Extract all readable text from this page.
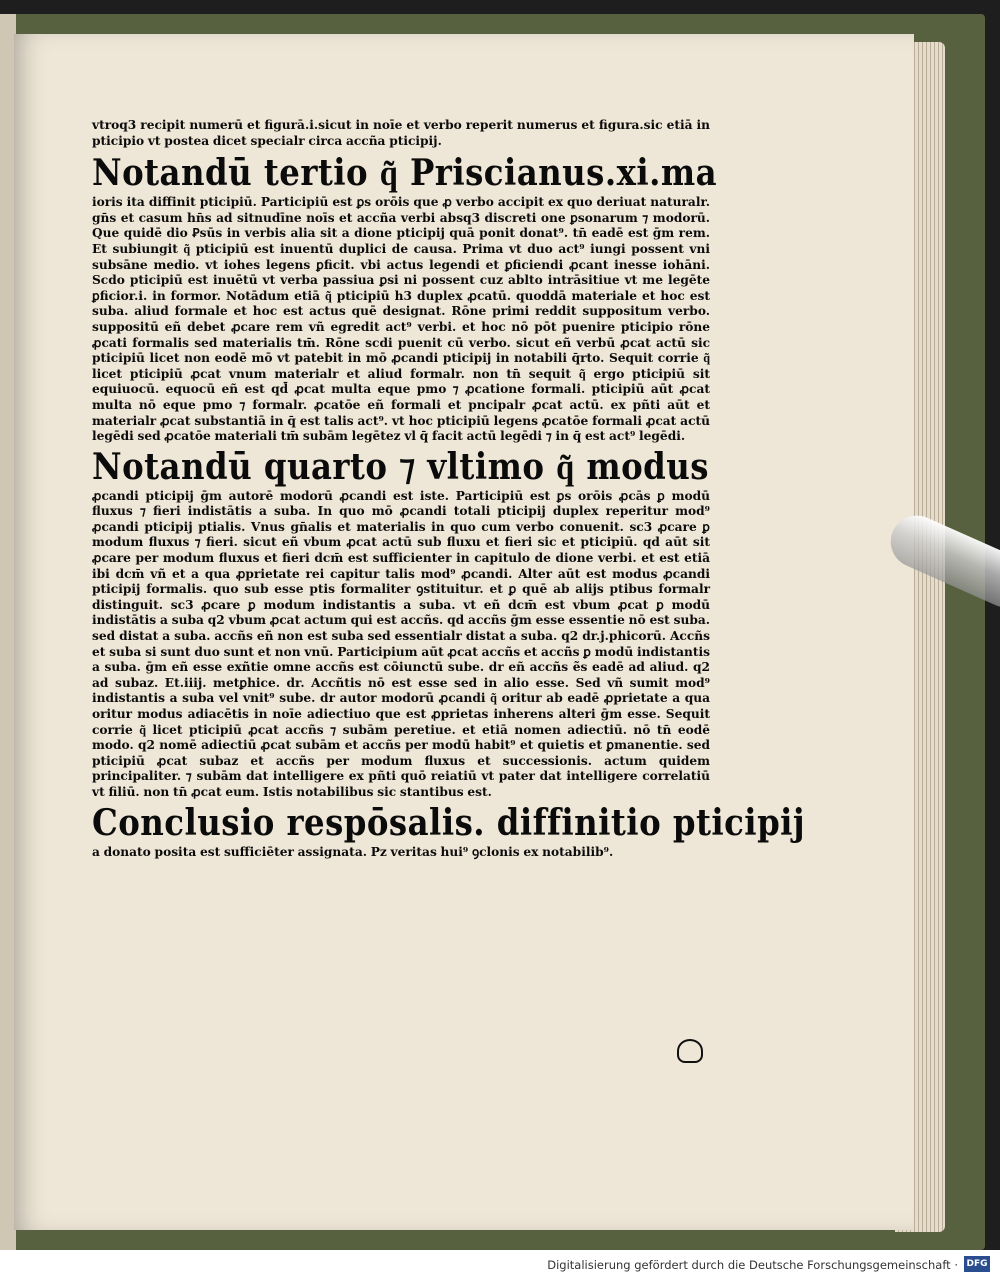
vtroq3 recipit numerū et figurā.i.sicut in noīe et verbo reperit numerus et figura.sic etiā in pticipio vt postea dicet specialr circa accña pticipij.

Notandū tertio q͂ Priscianus.xi.ma

ioris ita diffinit pticipiū. Participiū est ꝑs orōis que ꝓ verbo accipit ex quo deriuat naturalr. gn̄s et casum hn̄s ad sitnudīne noīs et accña verbi absq3 discreti one ꝑsonarum ⁊ modorū. Que quidē dio Ꝑsūs in verbis alia sit a dione pticipij quā ponit donat⁹. tn̄ eadē est ḡm rem. Et subiungit q͂ pticipiū est inuentū duplici de causa. Prima vt duo act⁹ iungi possent vni subsāne medio. vt iohes legens ꝑficit. vbi actus legendi et ꝑficiendi ꝓcant inesse iohāni. Scdo pticipiū est inuētū vt verba passiua ꝑsi ni possent cuz ablto intrāsitiue vt me legēte ꝑficior.i. in formor. Notādum etiā q͂ pticipiū h3 duplex ꝓcatū. quoddā materiale et hoc est suba. aliud formale et hoc est actus quē designat. Rōne primi reddit suppositum verbo. suppositū eñ debet ꝓcare rem vñ egredit act⁹ verbi. et hoc nō pōt puenire pticipio rōne ꝓcati formalis sed materialis tm̄. Rōne scdi puenit cū verbo. sicut eñ verbū ꝓcat actū sic pticipiū licet non eodē mō vt patebit in mō ꝓcandi pticipij in notabili q̄rto. Sequit corrie q͂ licet pticipiū ꝓcat vnum materialr et aliud formalr. non tn̄ sequit q͂ ergo pticipiū sit equiuocū. equocū eñ est qd̄ ꝓcat multa eque pmo ⁊ ꝓcatione formali. pticipiū aūt ꝓcat multa nō eque pmo ⁊ formalr. ꝓcatōe eñ formali et pncipalr ꝓcat actū. ex pñti aūt et materialr ꝓcat substantiā in q̄ est talis act⁹. vt hoc pticipiū legens ꝓcatōe formali ꝓcat actū legēdi sed ꝓcatōe materiali tm̄ subām legētez vl q̄ facit actū legēdi ⁊ in q̄ est act⁹ legēdi.

Notandū quarto ⁊ vltimo q͂ modus

ꝓcandi pticipij ḡm autorē modorū ꝓcandi est iste. Participiū est ꝑs orōis ꝓcās ꝑ modū fluxus ⁊ fieri indistātis a suba. In quo mō ꝓcandi totali pticipij duplex reperitur mod⁹ ꝓcandi pticipij ptialis. Vnus gn̄alis et materialis in quo cum verbo conuenit. sc3 ꝓcare ꝑ modum fluxus ⁊ fieri. sicut eñ vbum ꝓcat actū sub fluxu et fieri sic et pticipiū. qd aūt sit ꝓcare per modum fluxus et fieri dcm̄ est sufficienter in capitulo de dione verbi. et est etiā ibi dcm̄ vñ et a qua ꝓprietate rei capitur talis mod⁹ ꝓcandi. Alter aūt est modus ꝓcandi pticipij formalis. quo sub esse ptis formaliter ꝯstituitur. et ꝑ quē ab alijs ptibus formalr distinguit. sc3 ꝓcare ꝑ modum indistantis a suba. vt eñ dcm̄ est vbum ꝓcat ꝑ modū indistātis a suba q2 vbum ꝓcat actum qui est accñs. qd accñs ḡm esse essentie nō est suba. sed distat a suba. accñs eñ non est suba sed essentialr distat a suba. q2 dr.j.phicorū. Accñs et suba si sunt duo sunt et non vnū. Participium aūt ꝓcat accñs et accñs ꝑ modū indistantis a suba. ḡm eñ esse exñtie omne accñs est cōiunctū sube. dr eñ accñs ẽs eadē ad aliud. q2 ad subaz. Et.iiij. metꝑhice. dr. Accñtis nō est esse sed in alio esse. Sed vñ sumit mod⁹ indistantis a suba vel vnit⁹ sube. dr autor modorū ꝓcandi q͂ oritur ab eadē ꝓprietate a qua oritur modus adiacētis in noīe adiectiuo que est ꝓprietas inherens alteri ḡm esse. Sequit corrie q͂ licet pticipiū ꝓcat accñs ⁊ subām peretiue. et etiā nomen adiectiū. nō tn̄ eodē modo. q2 nomē adiectiū ꝓcat subām et accñs per modū habit⁹ et quietis et ꝑmanentie. sed pticipiū ꝓcat subaz et accñs per modum fluxus et successionis. actum quidem principaliter. ⁊ subām dat intelligere ex pñti quō reiatiū vt pater dat intelligere correlatiū vt filiū. non tn̄ ꝓcat eum. Istis notabilibus sic stantibus est.

Conclusio respōsalis. diffinitio pticipij

a donato posita est sufficiēter assignata. Pz veritas hui⁹ ꝯclonis ex notabilib⁹.

Digitalisierung gefördert durch die Deutsche Forschungsgemeinschaft · DFG
